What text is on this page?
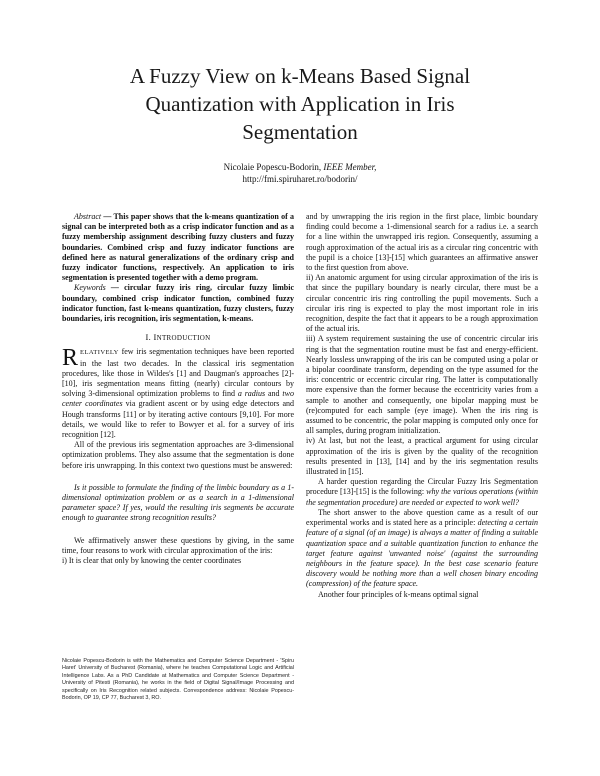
A Fuzzy View on k-Means Based Signal
Quantization with Application in Iris
Segmentation
Nicolaie Popescu-Bodorin, IEEE Member,
http://fmi.spiruharet.ro/bodorin/

Abstract — This paper shows that the k-means quantization of a signal can be interpreted both as a crisp indicator function and as a fuzzy membership assignment describing fuzzy clusters and fuzzy boundaries. Combined crisp and fuzzy indicator functions are defined here as natural generalizations of the ordinary crisp and fuzzy indicator functions, respectively. An application to iris segmentation is presented together with a demo program.

Keywords — circular fuzzy iris ring, circular fuzzy limbic boundary, combined crisp indicator function, combined fuzzy indicator function, fast k-means quantization, fuzzy clusters, fuzzy boundaries, iris recognition, iris segmentation, k-means.

I. INTRODUCTION

RELATIVELY few iris segmentation techniques have been reported in the last two decades. In the classical iris segmentation procedures, like those in Wildes's [1] and Daugman's approaches [2]-[10], iris segmentation means fitting (nearly) circular contours by solving 3-dimensional optimization problems to find a radius and two center coordinates via gradient ascent or by using edge detectors and Hough transforms [11] or by iterating active contours [9,10]. For more details, we would like to refer to Bowyer et al. for a survey of iris recognition [12].

All of the previous iris segmentation approaches are 3-dimensional optimization problems. They also assume that the segmentation is done before iris unwrapping. In this context two questions must be answered:

Is it possible to formulate the finding of the limbic boundary as a 1-dimensional optimization problem or as a search in a 1-dimensional parameter space? If yes, would the resulting iris segments be accurate enough to guarantee strong recognition results?

We affirmatively answer these questions by giving, in the same time, four reasons to work with circular approximation of the iris:

i) It is clear that only by knowing the center coordinates

and by unwrapping the iris region in the first place, limbic boundary finding could become a 1-dimensional search for a radius i.e. a search for a line within the unwrapped iris region. Consequently, assuming a rough approximation of the actual iris as a circular ring concentric with the pupil is a choice [13]-[15] which guarantees an affirmative answer to the first question from above.

ii) An anatomic argument for using circular approximation of the iris is that since the pupillary boundary is nearly circular, there must be a circular concentric iris ring controlling the pupil movements. Such a circular iris ring is expected to play the most important role in iris recognition, despite the fact that it appears to be a rough approximation of the actual iris.

iii) A system requirement sustaining the use of concentric circular iris ring is that the segmentation routine must be fast and energy-efficient. Nearly lossless unwrapping of the iris can be computed using a polar or a bipolar coordinate transform, depending on the type assumed for the iris: concentric or eccentric circular ring. The latter is computationally more expensive than the former because the eccentricity varies from a sample to another and consequently, one bipolar mapping must be (re)computed for each sample (eye image). When the iris ring is assumed to be concentric, the polar mapping is computed only once for all samples, during program initialization.

iv) At last, but not the least, a practical argument for using circular approximation of the iris is given by the quality of the recognition results presented in [13], [14] and by the iris segmentation results illustrated in [15].

A harder question regarding the Circular Fuzzy Iris Segmentation procedure [13]-[15] is the following: why the various operations (within the segmentation procedure) are needed or expected to work well?

The short answer to the above question came as a result of our experimental works and is stated here as a principle: detecting a certain feature of a signal (of an image) is always a matter of finding a suitable quantization space and a suitable quantization function to enhance the target feature against 'unwanted noise' (against the surrounding neighbours in the feature space). In the best case scenario feature discovery would be nothing more than a well chosen binary encoding (compression) of the feature space.

Another four principles of k-means optimal signal

Nicolaie Popescu-Bodorin is with the Mathematics and Computer Science Department - 'Spiru Haret' University of Bucharest (Romania), where he teaches Computational Logic and Artificial Intelligence Labs. As a PhD Candidate at Mathematics and Computer Science Department - University of Pitesti (Romania), he works in the field of Digital Signal/Image Processing and specifically on Iris Recognition related subjects. Correspondence address: Nicolaie Popescu-Bodorin, OP 19, CP 77, Bucharest 3, RO.
